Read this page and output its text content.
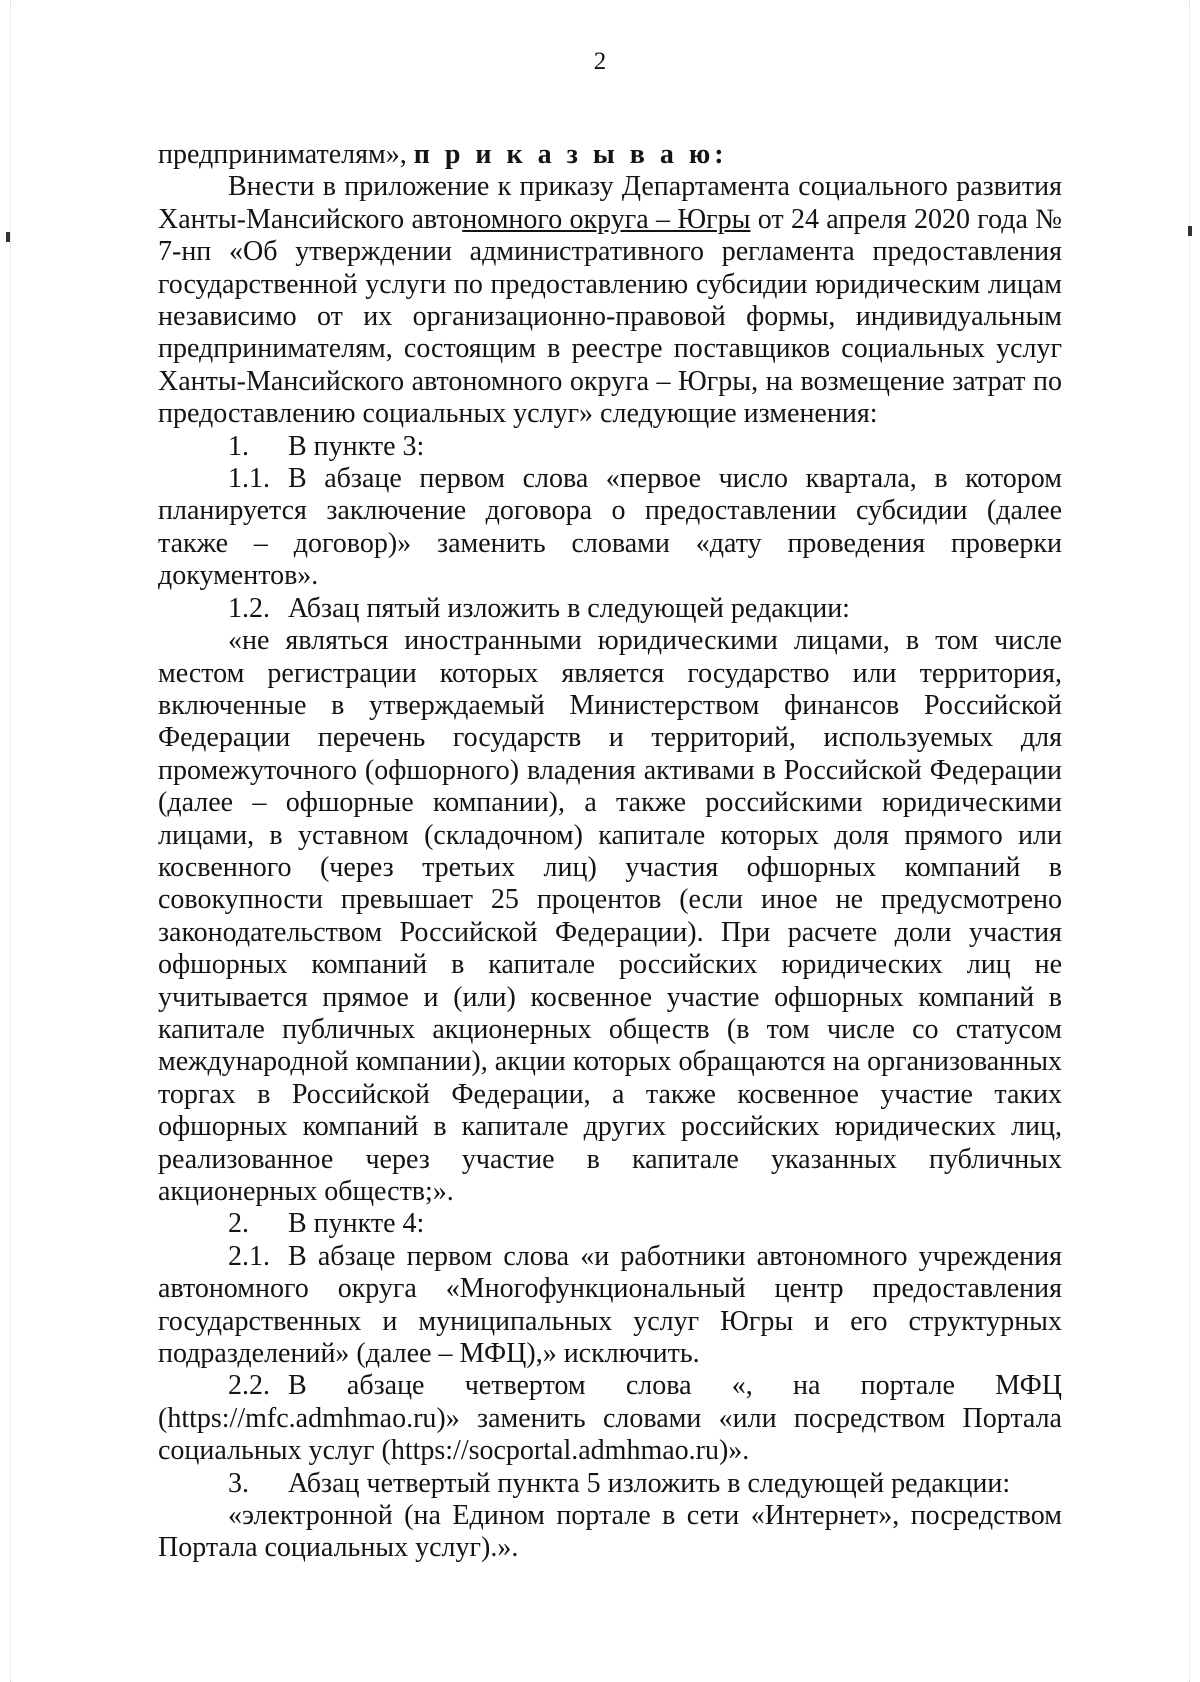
2

предпринимателям», п р и к а з ы в а ю:

Внести в приложение к приказу Департамента социального развития Ханты-Мансийского автономного округа – Югры от 24 апреля 2020 года № 7-нп «Об утверждении административного регламента предоставления государственной услуги по предоставлению субсидии юридическим лицам независимо от их организационно-правовой формы, индивидуальным предпринимателям, состоящим в реестре поставщиков социальных услуг Ханты-Мансийского автономного округа – Югры, на возмещение затрат по предоставлению социальных услуг» следующие изменения:

1. В пункте 3:

1.1. В абзаце первом слова «первое число квартала, в котором планируется заключение договора о предоставлении субсидии (далее также – договор)» заменить словами «дату проведения проверки документов».

1.2. Абзац пятый изложить в следующей редакции:

«не являться иностранными юридическими лицами, в том числе местом регистрации которых является государство или территория, включенные в утверждаемый Министерством финансов Российской Федерации перечень государств и территорий, используемых для промежуточного (офшорного) владения активами в Российской Федерации (далее – офшорные компании), а также российскими юридическими лицами, в уставном (складочном) капитале которых доля прямого или косвенного (через третьих лиц) участия офшорных компаний в совокупности превышает 25 процентов (если иное не предусмотрено законодательством Российской Федерации). При расчете доли участия офшорных компаний в капитале российских юридических лиц не учитывается прямое и (или) косвенное участие офшорных компаний в капитале публичных акционерных обществ (в том числе со статусом международной компании), акции которых обращаются на организованных торгах в Российской Федерации, а также косвенное участие таких офшорных компаний в капитале других российских юридических лиц, реализованное через участие в капитале указанных публичных акционерных обществ;».

2. В пункте 4:

2.1. В абзаце первом слова «и работники автономного учреждения автономного округа «Многофункциональный центр предоставления государственных и муниципальных услуг Югры и его структурных подразделений» (далее – МФЦ),» исключить.

2.2. В абзаце четвертом слова «, на портале МФЦ (https://mfc.admhmao.ru)» заменить словами «или посредством Портала социальных услуг (https://socportal.admhmao.ru)».

3. Абзац четвертый пункта 5 изложить в следующей редакции:

«электронной (на Едином портале в сети «Интернет», посредством Портала социальных услуг).».
